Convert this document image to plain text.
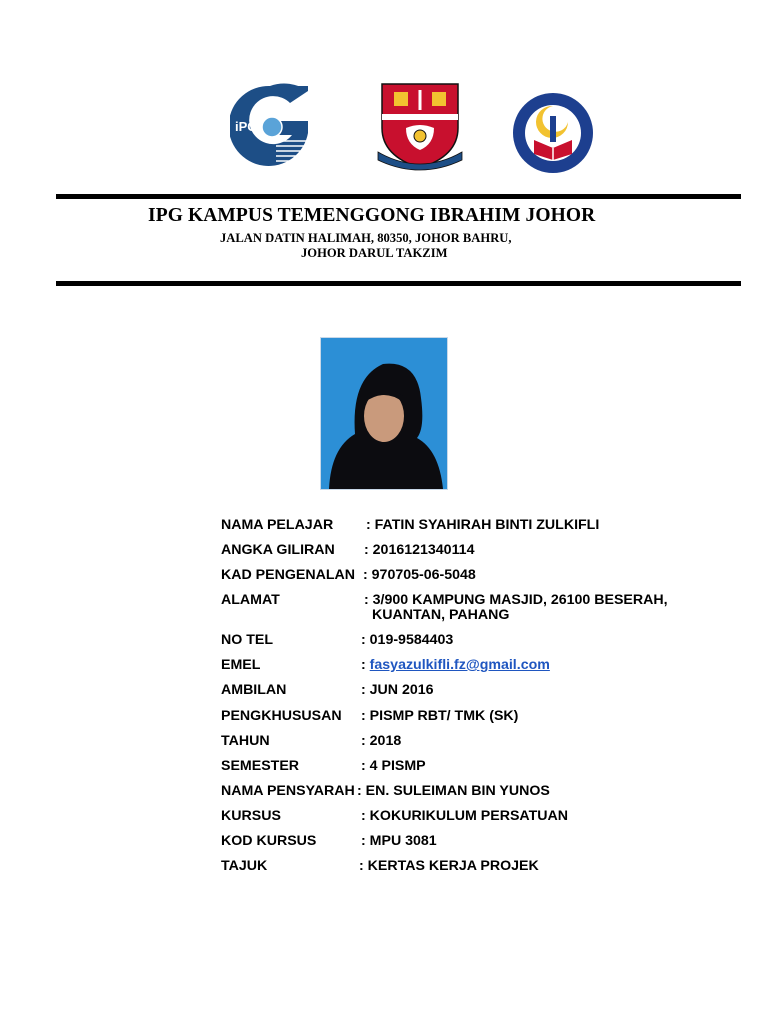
iPG
IPG KAMPUS TEMENGGONG IBRAHIM JOHOR
JALAN DATIN HALIMAH, 80350, JOHOR BAHRU,
JOHOR DARUL TAKZIM
NAMA PELAJAR : FATIN SYAHIRAH BINTI ZULKIFLI
ANGKA GILIRAN : 2016121340114
KAD PENGENALAN : 970705-06-5048
ALAMAT	: 3/900 KAMPUNG MASJID, 26100 BESERAH,
KUANTAN, PAHANG
NO TEL	: 019-9584403
EMEL	: fasyazulkifli.fz@gmail.com
AMBILAN	: JUN 2016
PENGKHUSUSAN : PISMP RBT/ TMK (SK)
TAHUN	: 2018
SEMESTER	: 4 PISMP
NAMA PENSYARAH : EN. SULEIMAN BIN YUNOS
KURSUS	: KOKURIKULUM PERSATUAN
KOD KURSUS	: MPU 3081
TAJUK	: KERTAS KERJA PROJEK
